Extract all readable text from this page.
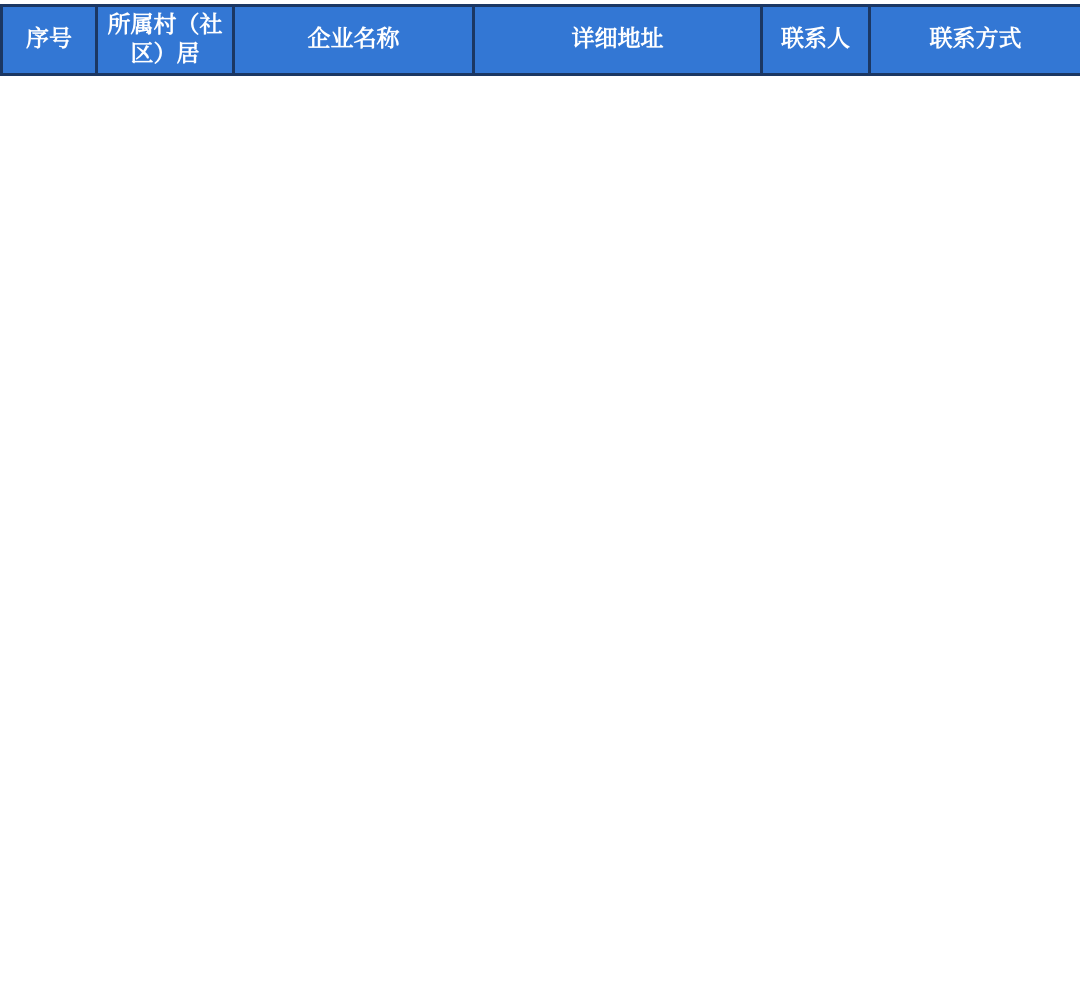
序号	所属村（社区）居	企业名称	详细地址	联系人	联系方式
